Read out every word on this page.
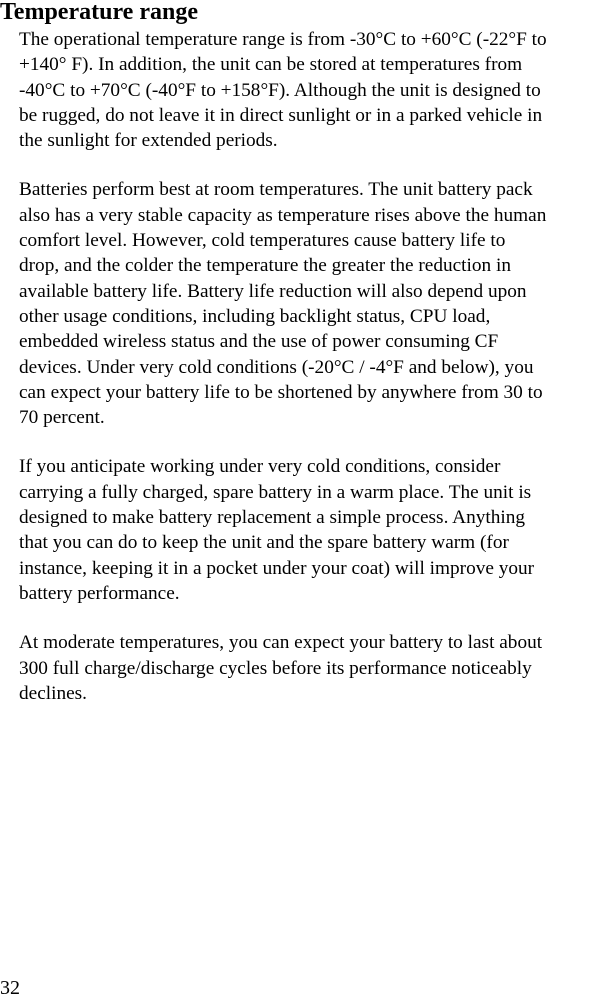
Temperature range

The operational temperature range is from -30°C to +60°C (-22°F to
+140° F). In addition, the unit can be stored at temperatures from
-40°C to +70°C (-40°F to +158°F). Although the unit is designed to
be rugged, do not leave it in direct sunlight or in a parked vehicle in
the sunlight for extended periods.

Batteries perform best at room temperatures. The unit battery pack
also has a very stable capacity as temperature rises above the human
comfort level. However, cold temperatures cause battery life to
drop, and the colder the temperature the greater the reduction in
available battery life. Battery life reduction will also depend upon
other usage conditions, including backlight status, CPU load,
embedded wireless status and the use of power consuming CF
devices. Under very cold conditions (-20°C / -4°F and below), you
can expect your battery life to be shortened by anywhere from 30 to
70 percent.

If you anticipate working under very cold conditions, consider
carrying a fully charged, spare battery in a warm place. The unit is
designed to make battery replacement a simple process. Anything
that you can do to keep the unit and the spare battery warm (for
instance, keeping it in a pocket under your coat) will improve your
battery performance.

At moderate temperatures, you can expect your battery to last about
300 full charge/discharge cycles before its performance noticeably
declines.

32
